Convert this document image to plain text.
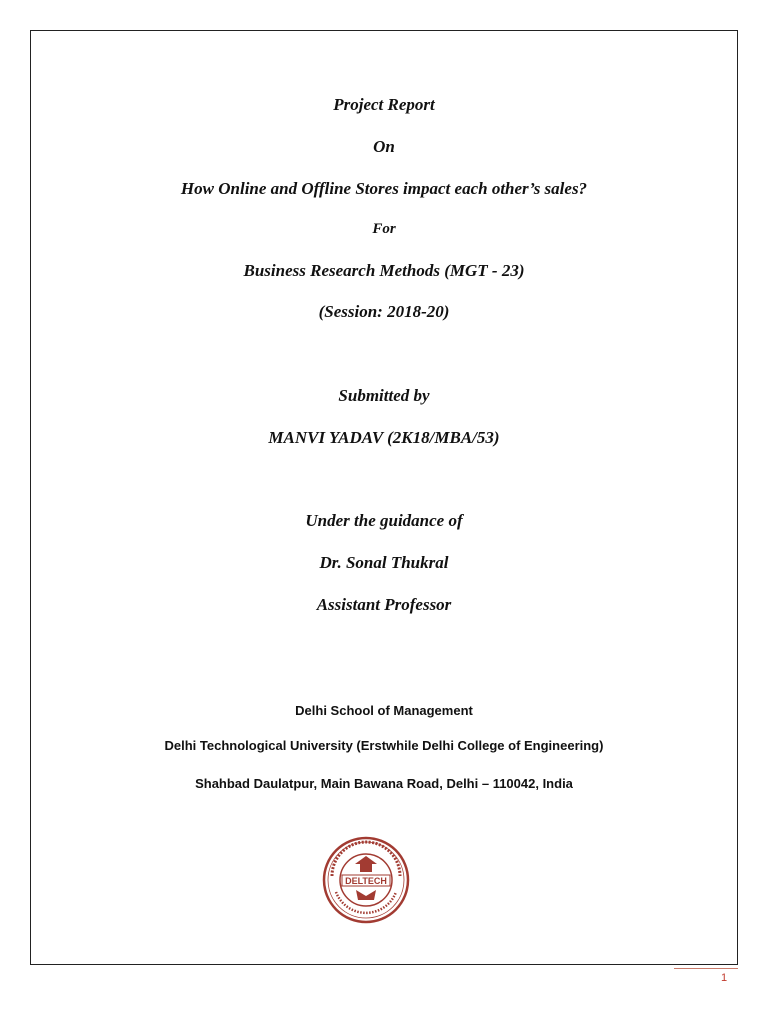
Project Report
On
How Online and Offline Stores impact each other’s sales?
For
Business Research Methods (MGT - 23)
(Session: 2018-20)
Submitted by
MANVI YADAV (2K18/MBA/53)
Under the guidance of
Dr. Sonal Thukral
Assistant Professor
Delhi School of Management
Delhi Technological University (Erstwhile Delhi College of Engineering)
Shahbad Daulatpur, Main Bawana Road, Delhi – 110042, India
DELTECH
1
